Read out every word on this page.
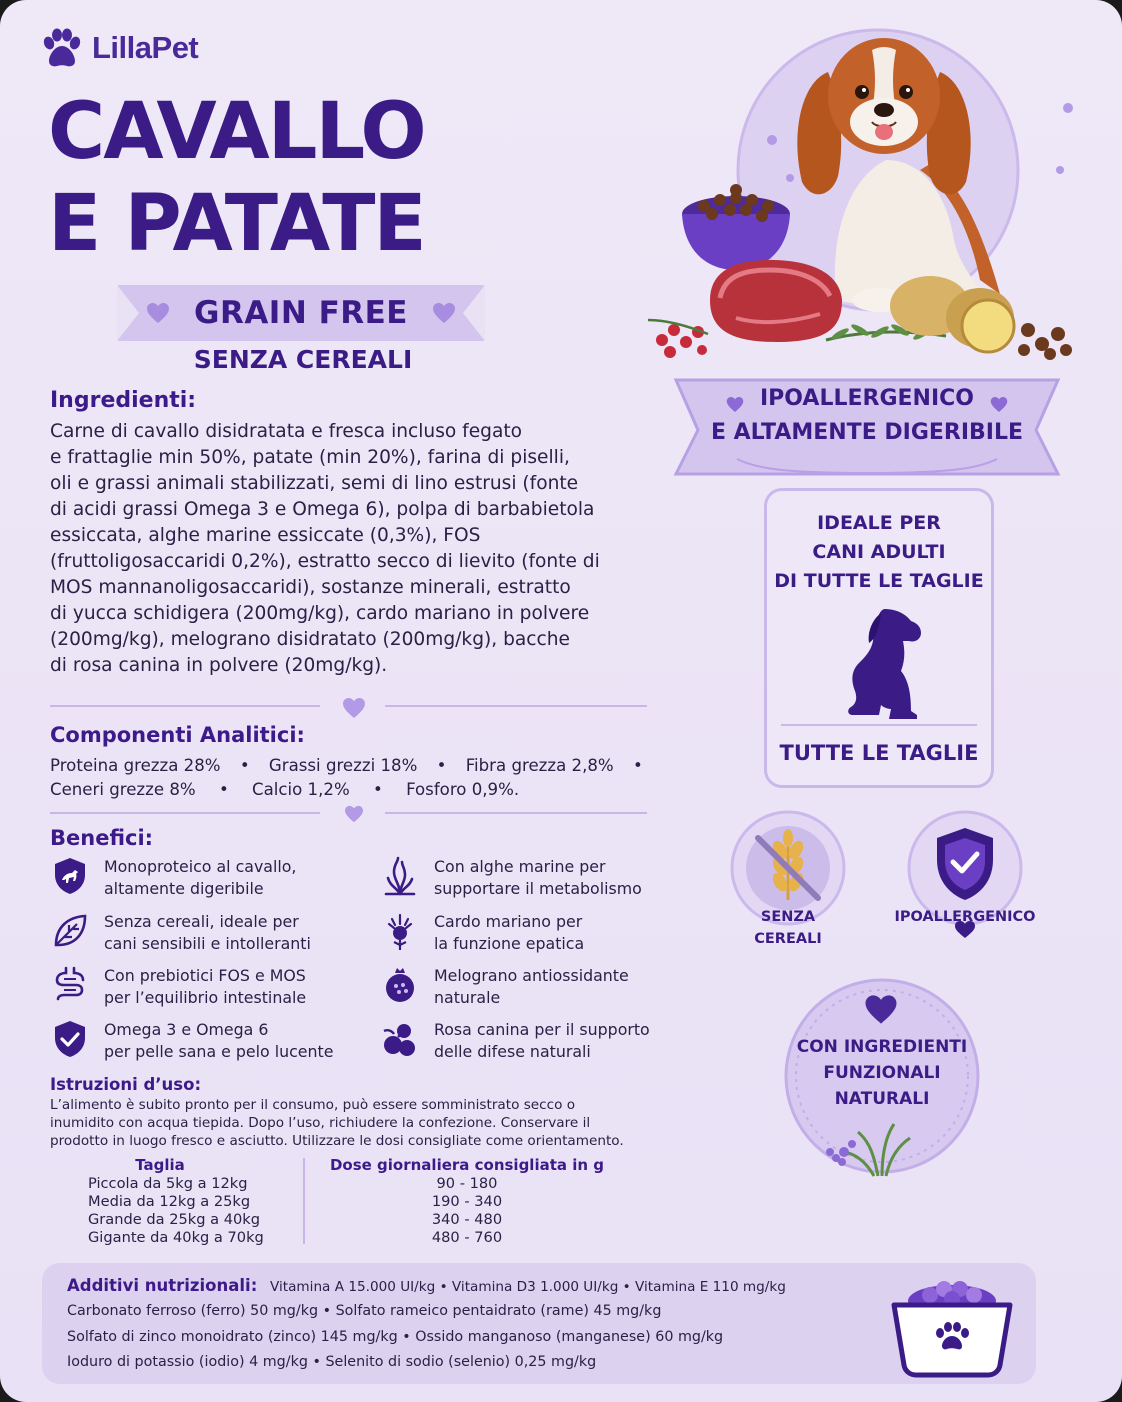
LillaPet
CAVALLO
E PATATE
GRAIN FREE
SENZA CEREALI
Ingredienti:
Carne di cavallo disidratata e fresca incluso fegato
e frattaglie min 50%, patate (min 20%), farina di piselli,
oli e grassi animali stabilizzati, semi di lino estrusi (fonte
di acidi grassi Omega 3 e Omega 6), polpa di barbabietola
essiccata, alghe marine essiccate (0,3%), FOS
(fruttoligosaccaridi 0,2%), estratto secco di lievito (fonte di
MOS mannanoligosaccaridi), sostanze minerali, estratto
di yucca schidigera (200mg/kg), cardo mariano in polvere
(200mg/kg), melograno disidratato (200mg/kg), bacche
di rosa canina in polvere (20mg/kg).
Componenti Analitici:
Proteina grezza 28% • Grassi grezzi 18% • Fibra grezza 2,8% •
Ceneri grezze 8% • Calcio 1,2% • Fosforo 0,9%.
Benefici:
Monoproteico al cavallo,
altamente digeribile
Con alghe marine per
supportare il metabolismo
Senza cereali, ideale per
cani sensibili e intolleranti
Cardo mariano per
la funzione epatica
Con prebiotici FOS e MOS
per l’equilibrio intestinale
Melograno antiossidante
naturale
Omega 3 e Omega 6
per pelle sana e pelo lucente
Rosa canina per il supporto
delle difese naturali
Istruzioni d’uso:
L’alimento è subito pronto per il consumo, può essere somministrato secco o
inumidito con acqua tiepida. Dopo l’uso, richiudere la confezione. Conservare il
prodotto in luogo fresco e asciutto. Utilizzare le dosi consigliate come orientamento.
Taglia	Dose giornaliera consigliata in g
Piccola da 5kg a 12kg
Media da 12kg a 25kg
Grande da 25kg a 40kg
Gigante da 40kg a 70kg
90 - 180
190 - 340
340 - 480
480 - 760
Additivi nutrizionali: Vitamina A 15.000 UI/kg • Vitamina D3 1.000 UI/kg • Vitamina E 110 mg/kg
Carbonato ferroso (ferro) 50 mg/kg • Solfato rameico pentaidrato (rame) 45 mg/kg
Solfato di zinco monoidrato (zinco) 145 mg/kg • Ossido manganoso (manganese) 60 mg/kg
Ioduro di potassio (iodio) 4 mg/kg • Selenito di sodio (selenio) 0,25 mg/kg
IPOALLERGENICO
E ALTAMENTE DIGERIBILE
IDEALE PER
CANI ADULTI
DI TUTTE LE TAGLIE
TUTTE LE TAGLIE
SENZA
CEREALI
IPOALLERGENICO
CON INGREDIENTI
FUNZIONALI
NATURALI
